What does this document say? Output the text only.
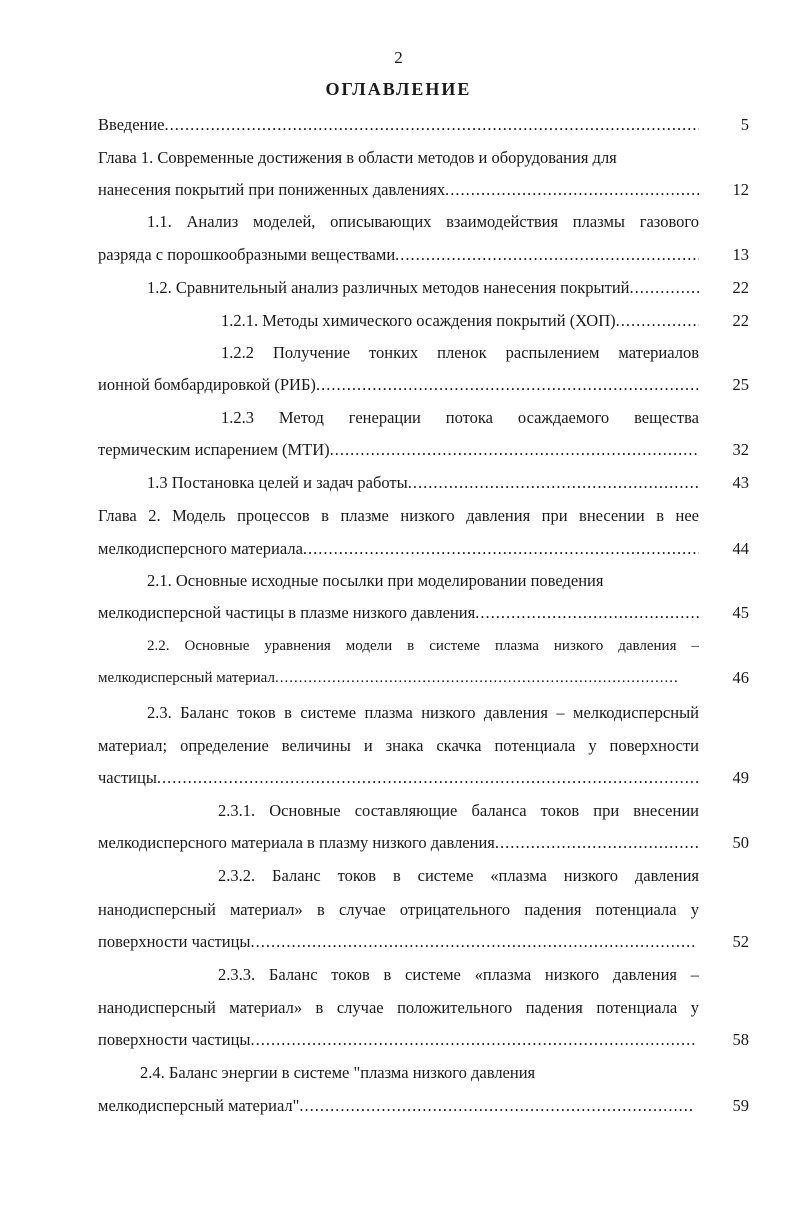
2
ОГЛАВЛЕНИЕ
Введение .....	5
Глава 1. Современные достижения в области методов и оборудования для
нанесения покрытий при пониженных давлениях .....	12
1.1. Анализ моделей, описывающих взаимодействия плазмы газового
разряда с порошкообразными веществами .....	13
1.2. Сравнительный анализ различных методов нанесения покрытий .....	22
1.2.1. Методы химического осаждения покрытий (ХОП) .....	22
1.2.2 Получение тонких пленок распылением материалов
ионной бомбардировкой (РИБ) .....	25
1.2.3 Метод генерации потока осаждаемого вещества
термическим испарением (МТИ) .....	32
1.3 Постановка целей и задач работы .....	43
Глава 2. Модель процессов в плазме низкого давления при внесении в нее
мелкодисперсного материала .....	44
2.1. Основные исходные посылки при моделировании поведения
мелкодисперсной частицы в плазме низкого давления .....	45
2.2. Основные уравнения модели в системе плазма низкого давления –
мелкодисперсный материал .....	46
2.3. Баланс токов в системе плазма низкого давления – мелкодисперсный
материал; определение величины и знака скачка потенциала у поверхности
частицы .....	49
2.3.1. Основные составляющие баланса токов при внесении
мелкодисперсного материала в плазму низкого давления .....	50
2.3.2. Баланс токов в системе «плазма низкого давления
нанодисперсный материал» в случае отрицательного падения потенциала у
поверхности частицы .....	52
2.3.3. Баланс токов в системе «плазма низкого давления –
нанодисперсный материал» в случае положительного падения потенциала у
поверхности частицы .....	58
2.4. Баланс энергии в системе "плазма низкого давления
мелкодисперсный материал" .....	59
